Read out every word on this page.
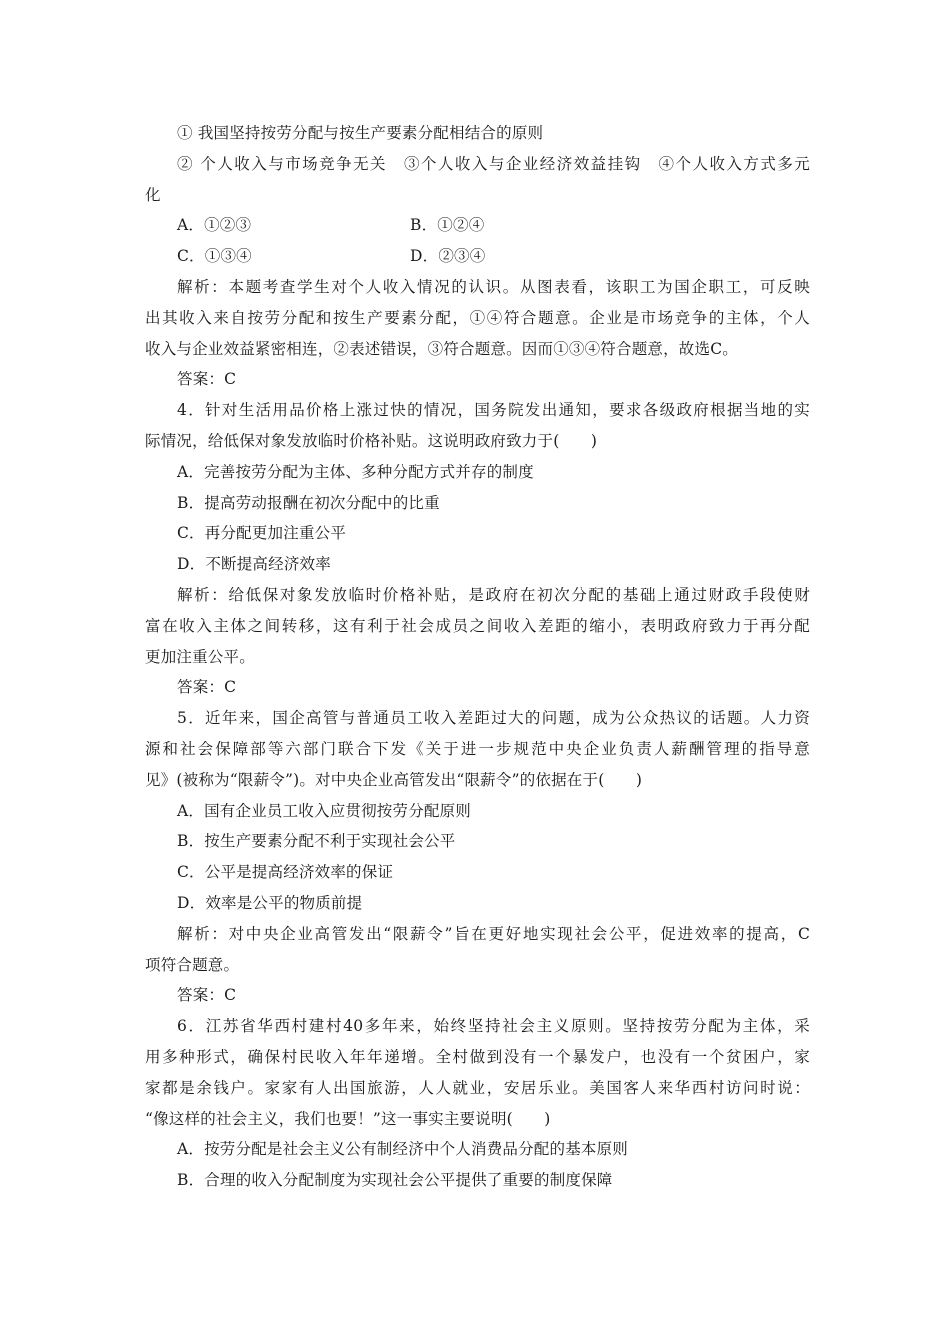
① 我国坚持按劳分配与按生产要素分配相结合的原则
② 个人收入与市场竞争无关　③个人收入与企业经济效益挂钩　④个人收入方式多元
化
A．①②③	B．①②④
C．①③④	D．②③④
解析：本题考查学生对个人收入情况的认识。从图表看，该职工为国企职工，可反映
出其收入来自按劳分配和按生产要素分配，①④符合题意。企业是市场竞争的主体，个人
收入与企业效益紧密相连，②表述错误，③符合题意。因而①③④符合题意，故选C。
答案：C
4．针对生活用品价格上涨过快的情况，国务院发出通知，要求各级政府根据当地的实
际情况，给低保对象发放临时价格补贴。这说明政府致力于(　　)
A．完善按劳分配为主体、多种分配方式并存的制度
B．提高劳动报酬在初次分配中的比重
C．再分配更加注重公平
D．不断提高经济效率
解析：给低保对象发放临时价格补贴，是政府在初次分配的基础上通过财政手段使财
富在收入主体之间转移，这有利于社会成员之间收入差距的缩小，表明政府致力于再分配
更加注重公平。
答案：C
5．近年来，国企高管与普通员工收入差距过大的问题，成为公众热议的话题。人力资
源和社会保障部等六部门联合下发《关于进一步规范中央企业负责人薪酬管理的指导意
见》(被称为“限薪令”)。对中央企业高管发出“限薪令”的依据在于(　　)
A．国有企业员工收入应贯彻按劳分配原则
B．按生产要素分配不利于实现社会公平
C．公平是提高经济效率的保证
D．效率是公平的物质前提
解析：对中央企业高管发出“限薪令”旨在更好地实现社会公平，促进效率的提高，C
项符合题意。
答案：C
6．江苏省华西村建村40多年来，始终坚持社会主义原则。坚持按劳分配为主体，采
用多种形式，确保村民收入年年递增。全村做到没有一个暴发户，也没有一个贫困户，家
家都是余钱户。家家有人出国旅游，人人就业，安居乐业。美国客人来华西村访问时说：
“像这样的社会主义，我们也要！”这一事实主要说明(　　)
A．按劳分配是社会主义公有制经济中个人消费品分配的基本原则
B．合理的收入分配制度为实现社会公平提供了重要的制度保障
